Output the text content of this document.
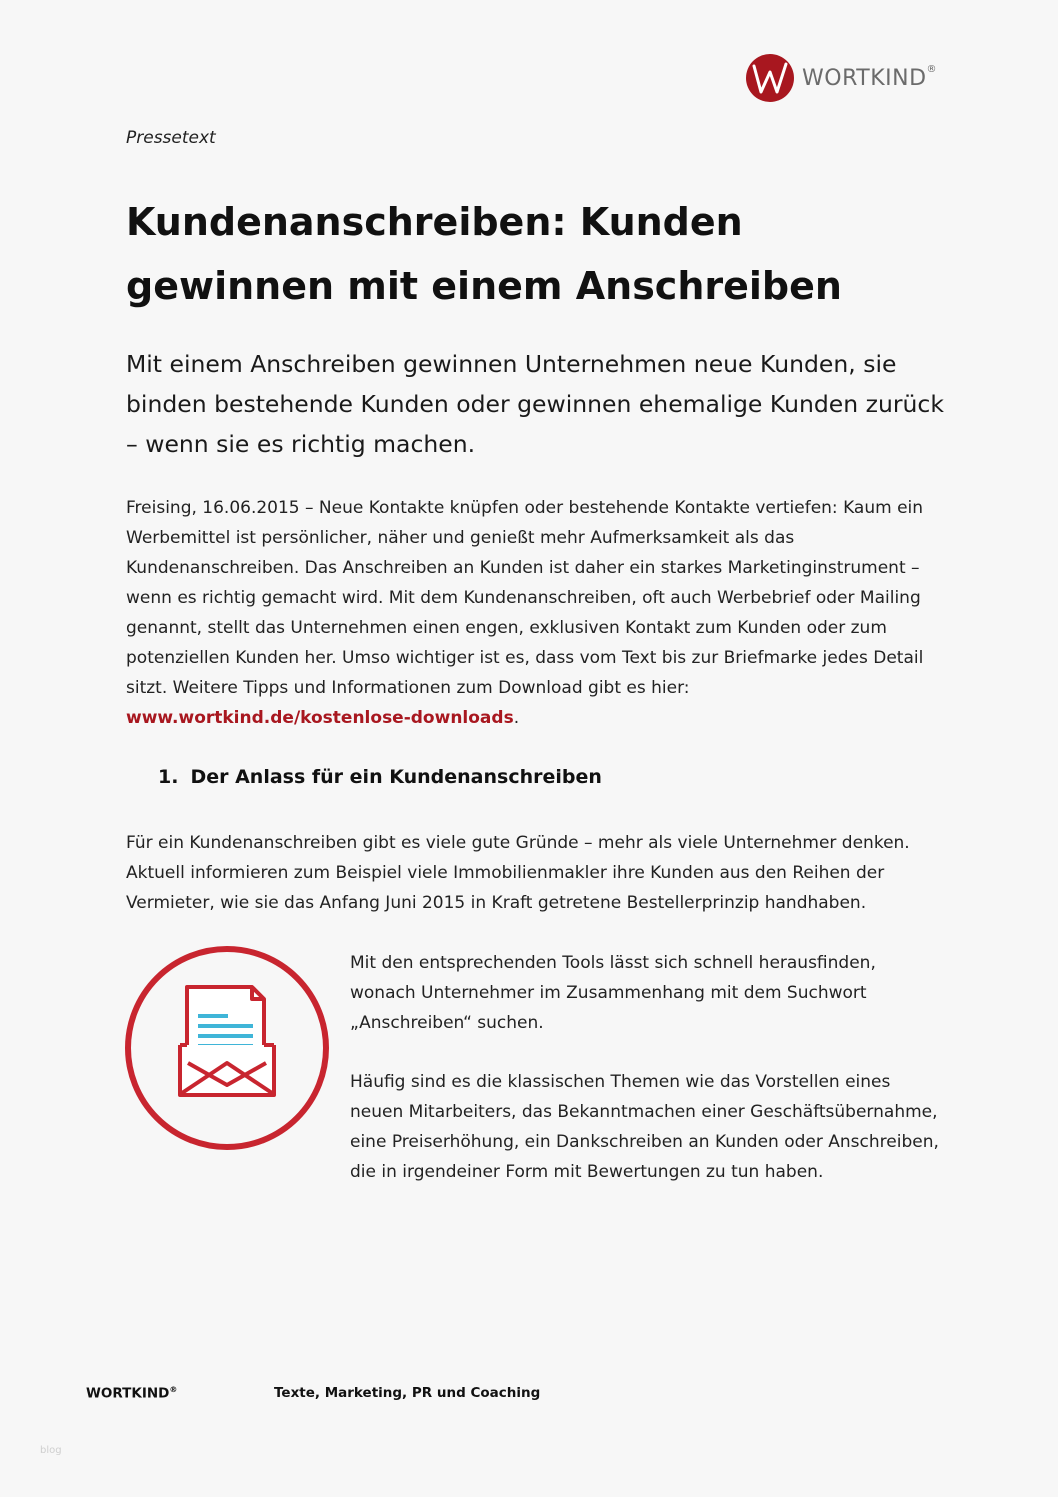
WORTKIND®
Pressetext
Kundenanschreiben: Kunden gewinnen mit einem Anschreiben

Mit einem Anschreiben gewinnen Unternehmen neue Kunden, sie binden bestehende Kunden oder gewinnen ehemalige Kunden zurück – wenn sie es richtig machen.

Freising, 16.06.2015 – Neue Kontakte knüpfen oder bestehende Kontakte vertiefen: Kaum ein Werbemittel ist persönlicher, näher und genießt mehr Aufmerksamkeit als das Kundenanschreiben. Das Anschreiben an Kunden ist daher ein starkes Marketinginstrument – wenn es richtig gemacht wird. Mit dem Kundenanschreiben, oft auch Werbebrief oder Mailing genannt, stellt das Unternehmen einen engen, exklusiven Kontakt zum Kunden oder zum potenziellen Kunden her. Umso wichtiger ist es, dass vom Text bis zur Briefmarke jedes Detail sitzt. Weitere Tipps und Informationen zum Download gibt es hier: www.wortkind.de/kostenlose-downloads.

1. Der Anlass für ein Kundenanschreiben

Für ein Kundenanschreiben gibt es viele gute Gründe – mehr als viele Unternehmer denken. Aktuell informieren zum Beispiel viele Immobilienmakler ihre Kunden aus den Reihen der Vermieter, wie sie das Anfang Juni 2015 in Kraft getretene Bestellerprinzip handhaben.

Mit den entsprechenden Tools lässt sich schnell herausfinden, wonach Unternehmer im Zusammenhang mit dem Suchwort „Anschreiben“ suchen.

Häufig sind es die klassischen Themen wie das Vorstellen eines neuen Mitarbeiters, das Bekanntmachen einer Geschäftsübernahme, eine Preiserhöhung, ein Dankschreiben an Kunden oder Anschreiben, die in irgendeiner Form mit Bewertungen zu tun haben.

WORTKIND®	Texte, Marketing, PR und Coaching
blog
